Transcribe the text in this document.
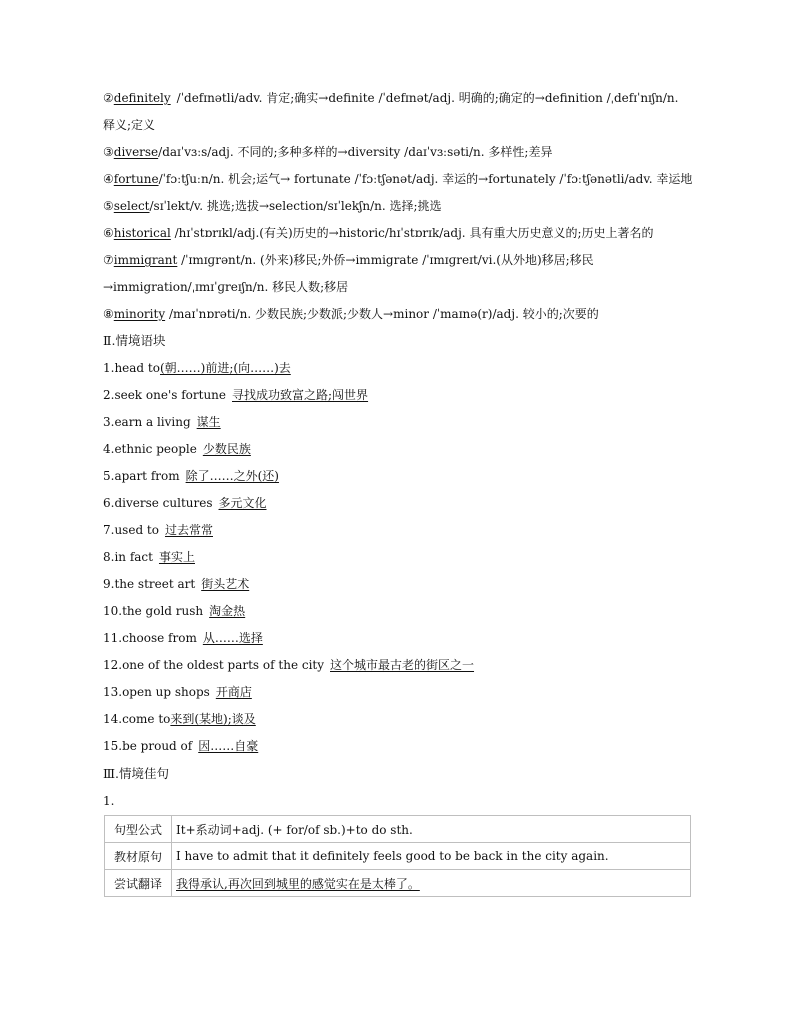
②definitely /ˈdefɪnətli/adv. 肯定;确实→definite /ˈdefɪnət/adj. 明确的;确定的→definition /ˌdefɪˈnɪʃn/n.
释义;定义
③diverse/daɪˈvɜːs/adj. 不同的;多种多样的→diversity /daɪˈvɜːsəti/n. 多样性;差异
④fortune/ˈfɔːtʃuːn/n. 机会;运气→ fortunate /ˈfɔːtʃənət/adj. 幸运的→fortunately /ˈfɔːtʃənətli/adv. 幸运地
⑤select/sɪˈlekt/v. 挑选;选拔→selection/sɪˈlekʃn/n. 选择;挑选
⑥historical /hɪˈstɒrɪkl/adj.(有关)历史的→historic/hɪˈstɒrɪk/adj. 具有重大历史意义的;历史上著名的
⑦immigrant /ˈɪmɪɡrənt/n. (外来)移民;外侨→immigrate /ˈɪmɪɡreɪt/vi.(从外地)移居;移民
→immigration/ˌɪmɪˈɡreɪʃn/n. 移民人数;移居
⑧minority /maɪˈnɒrəti/n. 少数民族;少数派;少数人→minor /ˈmaɪnə(r)/adj. 较小的;次要的
Ⅱ.情境语块
1.head to(朝……)前进;(向……)去
2.seek one's fortune 寻找成功致富之路;闯世界
3.earn a living 谋生
4.ethnic people 少数民族
5.apart from 除了……之外(还)
6.diverse cultures 多元文化
7.used to 过去常常
8.in fact 事实上
9.the street art 街头艺术
10.the gold rush 淘金热
11.choose from 从……选择
12.one of the oldest parts of the city 这个城市最古老的街区之一
13.open up shops 开商店
14.come to来到(某地);谈及
15.be proud of 因……自豪
Ⅲ.情境佳句
1.
句型公式	It+系动词+adj. (+ for/of sb.)+to do sth.
教材原句	I have to admit that it definitely feels good to be back in the city again.
尝试翻译	我得承认,再次回到城里的感觉实在是太棒了。
